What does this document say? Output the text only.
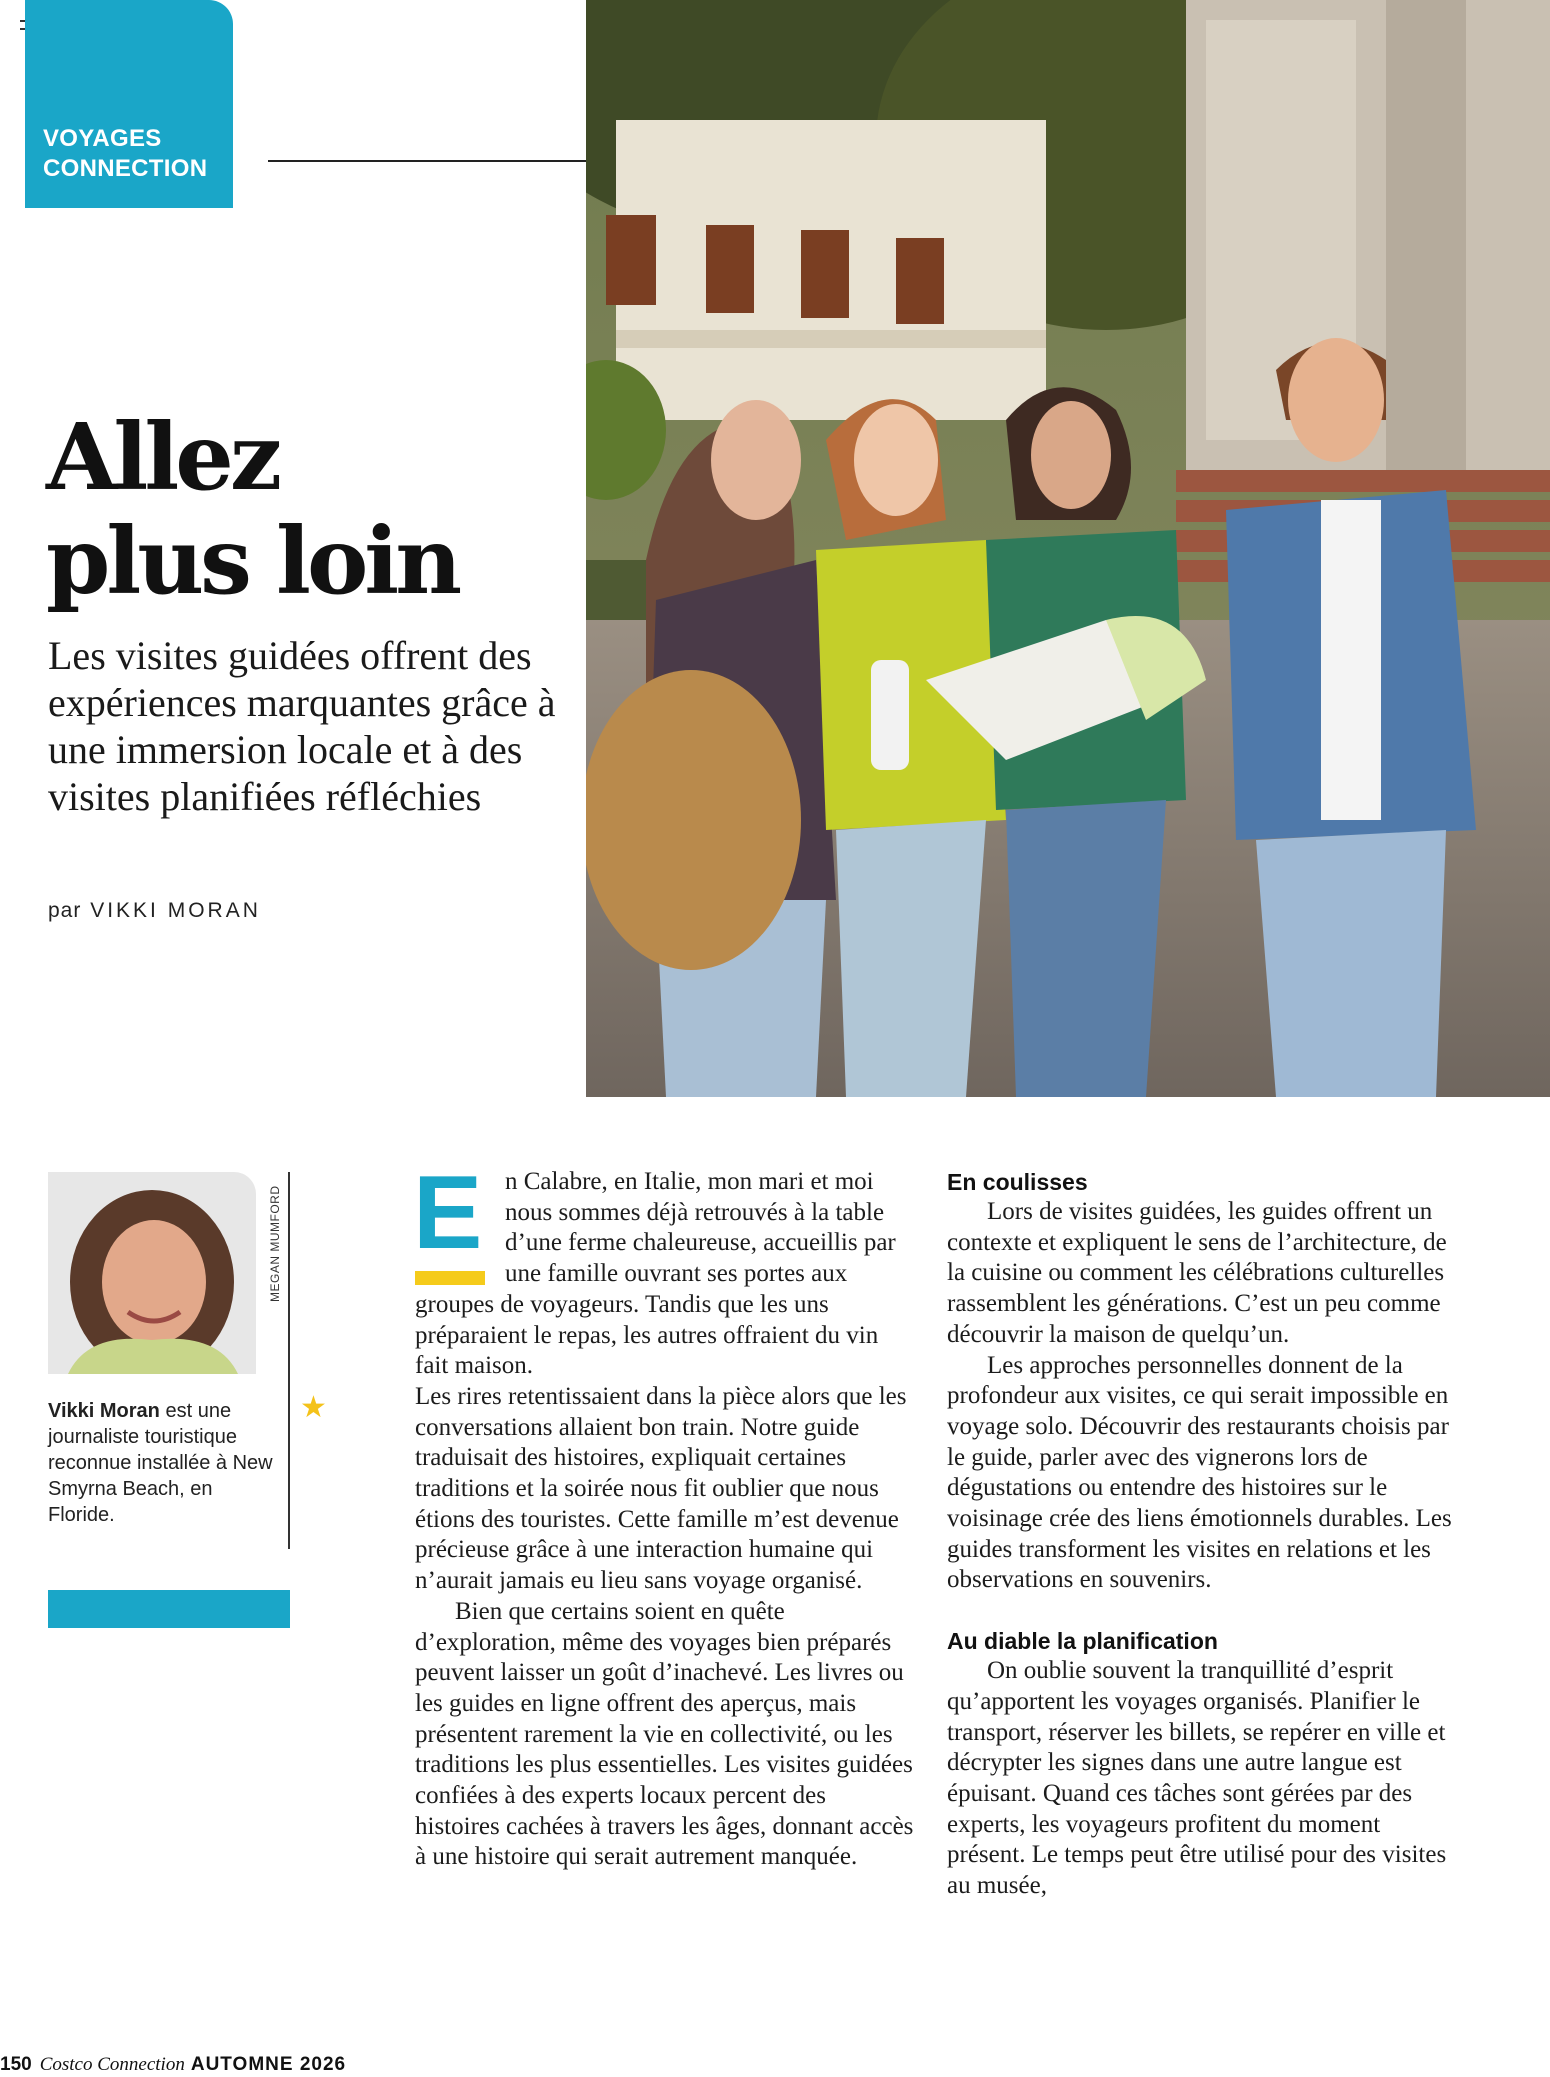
VOYAGES
CONNECTION
Allez
plus loin
Les visites guidées offrent des expériences marquantes grâce à une immersion locale et à des visites planifiées réfléchies
par VIKKI MORAN
MEGAN MUMFORD
★
Vikki Moran est une journaliste touristique reconnue installée à New Smyrna Beach, en Floride.
E n Calabre, en Italie, mon mari et moi nous sommes déjà retrouvés à la table d’une ferme chaleureuse, accueillis par une famille ouvrant ses portes aux groupes de voyageurs. Tandis que les uns préparaient le repas, les autres offraient du vin fait maison.

Les rires retentissaient dans la pièce alors que les conversations allaient bon train. Notre guide traduisait des histoires, expliquait certaines traditions et la soirée nous fit oublier que nous étions des touristes. Cette famille m’est devenue précieuse grâce à une interaction humaine qui n’aurait jamais eu lieu sans voyage organisé.

Bien que certains soient en quête d’exploration, même des voyages bien préparés peuvent laisser un goût d’inachevé. Les livres ou les guides en ligne offrent des aperçus, mais présentent rarement la vie en collectivité, ou les traditions les plus essentielles. Les visites guidées confiées à des experts locaux percent des histoires cachées à travers les âges, donnant accès à une histoire qui serait autrement manquée.

En coulisses

Lors de visites guidées, les guides offrent un contexte et expliquent le sens de l’architecture, de la cuisine ou comment les célébrations culturelles rassemblent les générations. C’est un peu comme découvrir la maison de quelqu’un.

Les approches personnelles donnent de la profondeur aux visites, ce qui serait impossible en voyage solo. Découvrir des restaurants choisis par le guide, parler avec des vignerons lors de dégustations ou entendre des histoires sur le voisinage crée des liens émotionnels durables. Les guides transforment les visites en relations et les observations en souvenirs.

Au diable la planification

On oublie souvent la tranquillité d’esprit qu’apportent les voyages organisés. Planifier le transport, réserver les billets, se repérer en ville et décrypter les signes dans une autre langue est épuisant. Quand ces tâches sont gérées par des experts, les voyageurs profitent du moment présent. Le temps peut être utilisé pour des visites au musée,

150 Costco Connection AUTOMNE 2026
